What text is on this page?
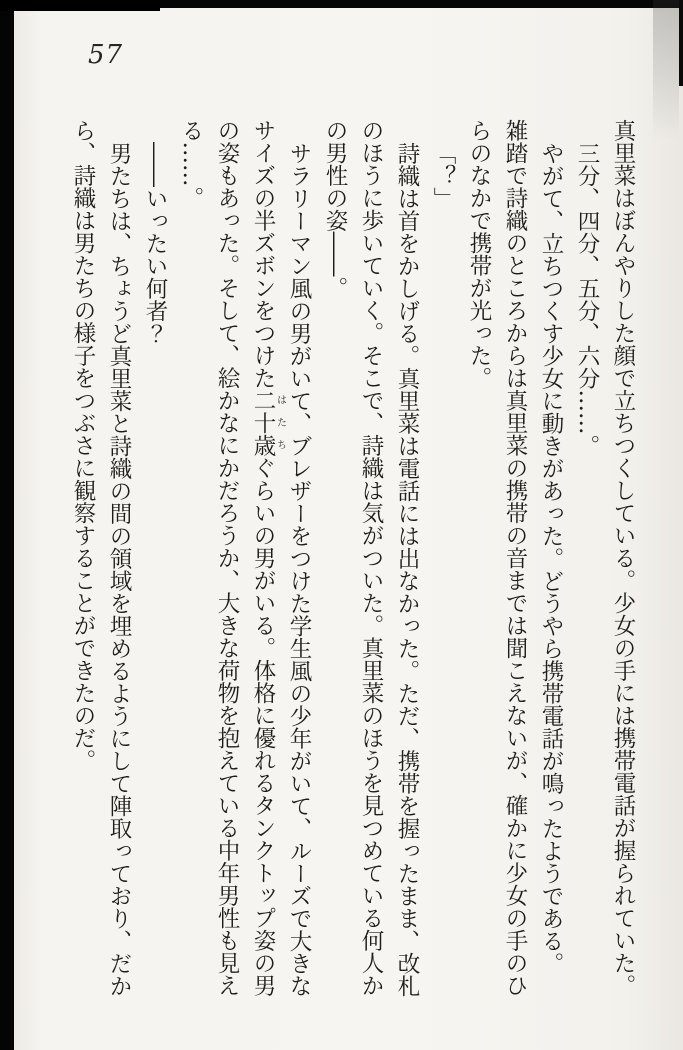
57

真里菜はぼんやりした顔で立ちつくしている。少女の手には携帯電話が握られていた。

三分、四分、五分、六分……。

やがて、立ちつくす少女に動きがあった。どうやら携帯電話が鳴ったようである。

雑踏で詩織のところからは真里菜の携帯の音までは聞こえないが、確かに少女の手のひらのなかで携帯が光った。

「？」

詩織は首をかしげる。真里菜は電話には出なかった。ただ、携帯を握ったまま、改札のほうに歩いていく。そこで、詩織は気がついた。真里菜のほうを見つめている何人かの男性の姿――。

サラリーマン風の男がいて、ブレザーをつけた学生風の少年がいて、ルーズで大きなサイズの半ズボンをつけた二十歳はたちぐらいの男がいる。体格に優れるタンクトップ姿の男の姿もあった。そして、絵かなにかだろうか、大きな荷物を抱えている中年男性も見える……。

――いったい何者？

男たちは、ちょうど真里菜と詩織の間の領域を埋めるようにして陣取っており、だから、詩織は男たちの様子をつぶさに観察することができたのだ。
